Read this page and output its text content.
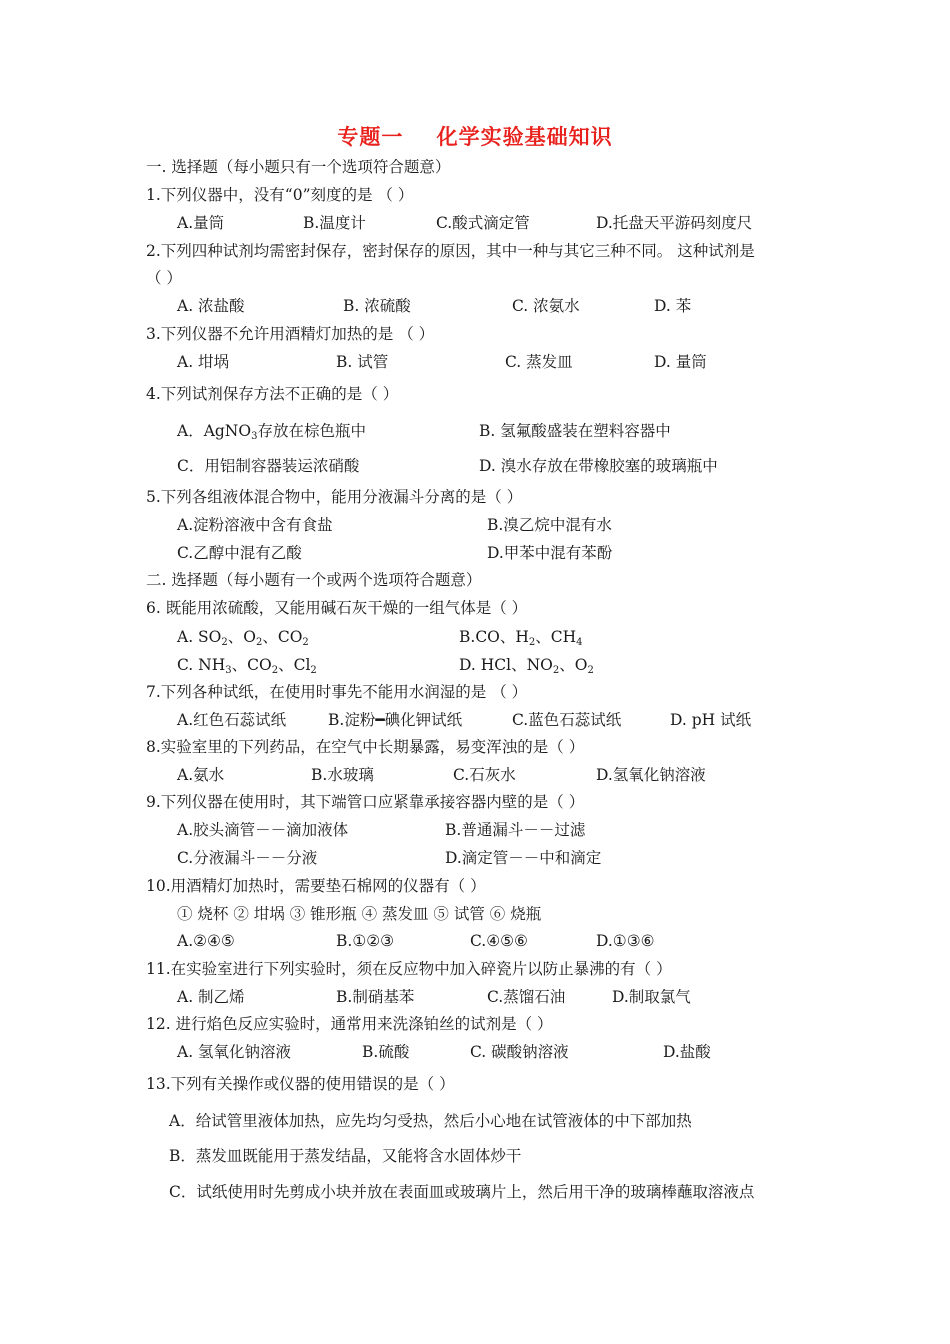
专题一    化学实验基础知识
一. 选择题（每小题只有一个选项符合题意）
1.下列仪器中，没有“0”刻度的是 （ ）
A.量筒	B.温度计	C.酸式滴定管	D.托盘天平游码刻度尺
2.下列四种试剂均需密封保存，密封保存的原因，其中一种与其它三种不同。 这种试剂是
（ ）
A. 浓盐酸	B. 浓硫酸	C. 浓氨水	D. 苯
3.下列仪器不允许用酒精灯加热的是 （ ）
A. 坩埚	B. 试管	C. 蒸发皿	D. 量筒
4.下列试剂保存方法不正确的是（ ）
A．AgNO$_3$存放在棕色瓶中	B. 氢氟酸盛装在塑料容器中
C．用铝制容器装运浓硝酸	D. 溴水存放在带橡胶塞的玻璃瓶中
5.下列各组液体混合物中，能用分液漏斗分离的是（ ）
A.淀粉溶液中含有食盐	B.溴乙烷中混有水
C.乙醇中混有乙酸	D.甲苯中混有苯酚
二. 选择题（每小题有一个或两个选项符合题意）
6. 既能用浓硫酸，又能用碱石灰干燥的一组气体是（ ）
A. $SO_2$、$O_2$、$CO_2$	B.CO、$H_2$、$CH_4$
C. $NH_3$、$CO_2$、$Cl_2$	D. HCl、$NO_2$、$O_2$
7.下列各种试纸，在使用时事先不能用水润湿的是 （ ）
A.红色石蕊试纸	B.淀粉━碘化钾试纸	C.蓝色石蕊试纸	D. pH 试纸
8.实验室里的下列药品，在空气中长期暴露，易变浑浊的是（ ）
A.氨水	B.水玻璃	C.石灰水	D.氢氧化钠溶液
9.下列仪器在使用时，其下端管口应紧靠承接容器内壁的是（ ）
A.胶头滴管－－滴加液体	B.普通漏斗－－过滤
C.分液漏斗－－分液	D.滴定管－－中和滴定
10.用酒精灯加热时，需要垫石棉网的仪器有（ ）
① 烧杯 ② 坩埚 ③ 锥形瓶 ④ 蒸发皿 ⑤ 试管 ⑥ 烧瓶
A.②④⑤	B.①②③	C.④⑤⑥	D.①③⑥
11.在实验室进行下列实验时，须在反应物中加入碎瓷片以防止暴沸的有（ ）
A. 制乙烯	B.制硝基苯	C.蒸馏石油	D.制取氯气
12. 进行焰色反应实验时，通常用来洗涤铂丝的试剂是（ ）
A. 氢氧化钠溶液	B.硫酸	C. 碳酸钠溶液	D.盐酸
13.下列有关操作或仪器的使用错误的是（ ）
A．给试管里液体加热，应先均匀受热，然后小心地在试管液体的中下部加热
B．蒸发皿既能用于蒸发结晶，又能将含水固体炒干
C．试纸使用时先剪成小块并放在表面皿或玻璃片上，然后用干净的玻璃棒蘸取溶液点
